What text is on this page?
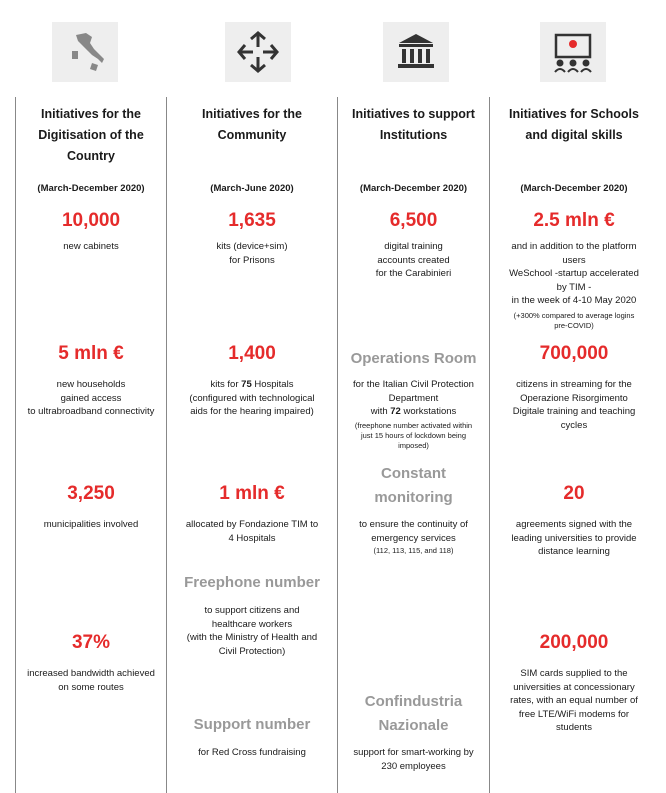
Initiatives for the Digitisation of the Country
(March-December 2020)
10,000
new cabinets
5 mln €
new households
gained access
to ultrabroadband connectivity
3,250
municipalities involved
37%
increased bandwidth achieved
on some routes
Initiatives for the Community
(March-June 2020)
1,635
kits (device+sim)
for Prisons
1,400
kits for 75 Hospitals
(configured with technological
aids for the hearing impaired)
1 mln €
allocated by Fondazione TIM to
4 Hospitals
Freephone number
to support citizens and
healthcare workers
(with the Ministry of Health and
Civil Protection)
Support number
for Red Cross fundraising
Initiatives to support Institutions
(March-December 2020)
6,500
digital training
accounts created
for the Carabinieri
Operations Room
for the Italian Civil Protection
Department
with 72 workstations
(freephone number activated within
just 15 hours of lockdown being
imposed)
Constant
monitoring
to ensure the continuity of
emergency services
(112, 113, 115, and 118)
Confindustria
Nazionale
support for smart-working by
230 employees
Initiatives for Schools and digital skills
(March-December 2020)
2.5 mln €
and in addition to the platform
users
WeSchool -startup accelerated
by TIM -
in the week of 4-10 May 2020
(+300% compared to average logins
pre-COVID)
700,000
citizens in streaming for the
Operazione Risorgimento
Digitale training and teaching
cycles
20
agreements signed with the
leading universities to provide
distance learning
200,000
SIM cards supplied to the
universities at concessionary
rates, with an equal number of
free LTE/WiFi modems for
students
